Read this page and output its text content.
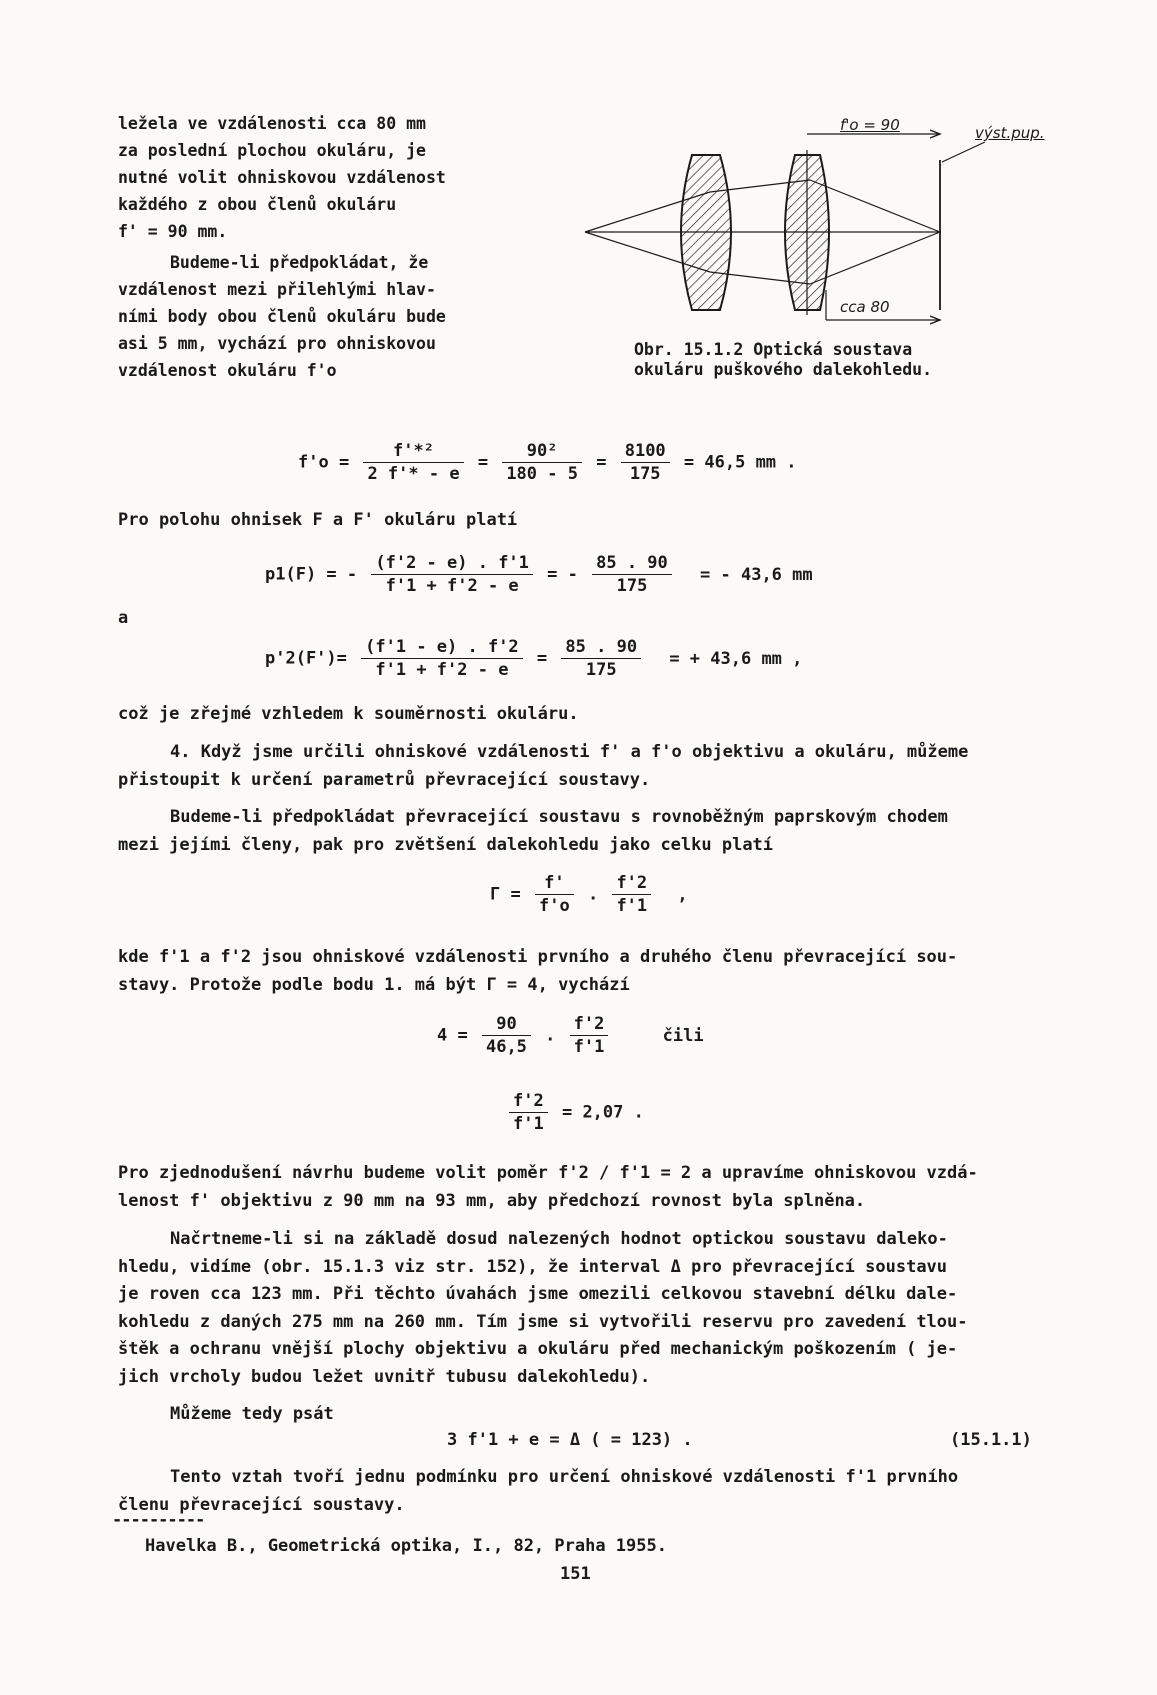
ležela ve vzdálenosti cca 80 mm

za poslední plochou okuláru, je

nutné volit ohniskovou vzdálenost

každého z obou členů okuláru

f' = 90 mm.

Budeme-li předpokládat, že

vzdálenost mezi přilehlými hlav-

ními body obou členů okuláru bude

asi 5 mm, vychází pro ohniskovou

vzdálenost okuláru f'o

f'o = 90	výst.pup.
cca 80

Obr. 15.1.2 Optická soustava

okuláru puškového dalekohledu.

$f'o = \frac{\text{f'*²}}{2 f'* - e} = \frac{\text{90²}}{180 - 5} = \frac{8100}{175} = 46,5$ mm .
Pro polohu ohnisek F a F' okuláru platí
p1(F) = - $\frac{(f'2 - e) . f'1}{f'1 + f'2 - e}$ = - $\frac{85 . 90}{175}$ = - 43,6 mm
a
$p'2(F')= \frac{(f'1 - e) . f'2}{f'1 + f'2 - e} = \frac{85 . 90}{175}$ = + 43,6 mm ,
což je zřejmé vzhledem k souměrnosti okuláru.

4. Když jsme určili ohniskové vzdálenosti f' a f'o objektivu a okuláru, můžeme

přistoupit k určení parametrů převracející soustavy.

Budeme-li předpokládat převracející soustavu s rovnoběžným paprskovým chodem

mezi jejími členy, pak pro zvětšení dalekohledu jako celku platí

$\Gamma = \frac{f'}{f'o}$ . $\frac{f'2}{f'1}$ ,

kde f'1 a f'2 jsou ohniskové vzdálenosti prvního a druhého členu převracející sou-

stavy. Protože podle bodu 1. má být Γ = 4, vychází

$4 = \frac{90}{46,5}$ . $\frac{f'2}{f'1}$	čili
$\frac{f'2}{f'1} = 2,07$ .

Pro zjednodušení návrhu budeme volit poměr f'2 / f'1 = 2 a upravíme ohniskovou vzdá-

lenost f' objektivu z 90 mm na 93 mm, aby předchozí rovnost byla splněna.

Načrtneme-li si na základě dosud nalezených hodnot optickou soustavu daleko-

hledu, vidíme (obr. 15.1.3 viz str. 152), že interval Δ pro převracející soustavu

je roven cca 123 mm. Při těchto úvahách jsme omezili celkovou stavební délku dale-

kohledu z daných 275 mm na 260 mm. Tím jsme si vytvořili reservu pro zavedení tlou-

štěk a ochranu vnější plochy objektivu a okuláru před mechanickým poškozením ( je-

jich vrcholy budou ležet uvnitř tubusu dalekohledu).

Můžeme tedy psát
3 f'1 + e = Δ ( = 123) .	(15.1.1)

Tento vztah tvoří jednu podmínku pro určení ohniskové vzdálenosti f'1 prvního

členu převracející soustavy.

----------
Havelka B., Geometrická optika, I., 82, Praha 1955.
151
